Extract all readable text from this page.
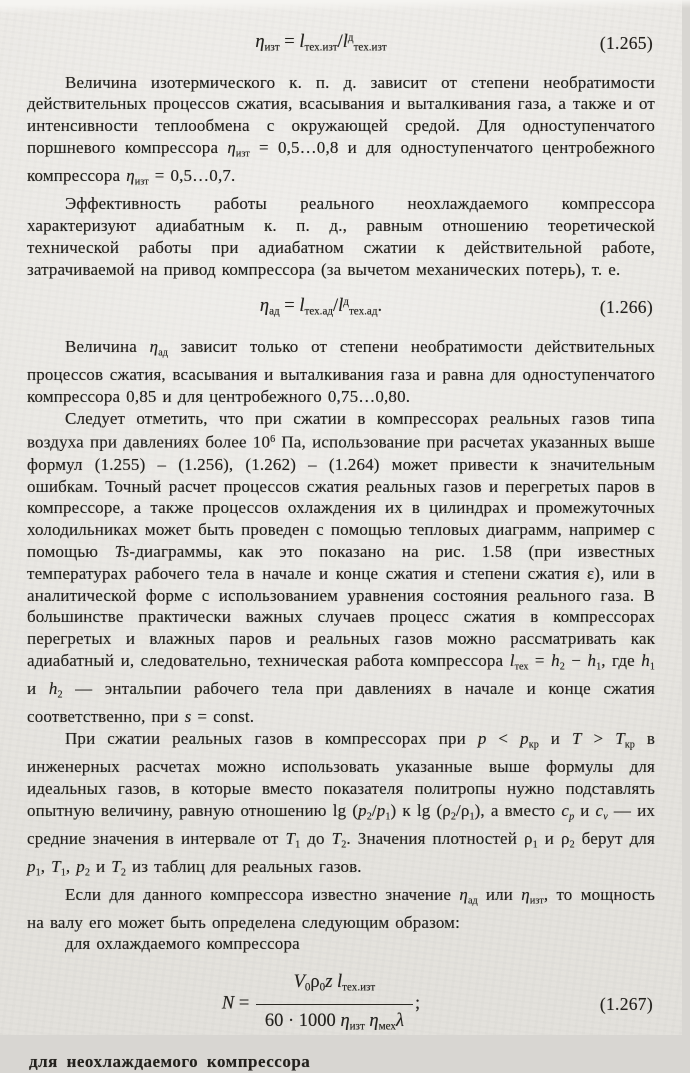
$\eta изт = lтех.изт/l^дтех.изт$	(1.265)

Величина изотермического к. п. д. зависит от степени необратимости действительных процессов сжатия, всасывания и выталкивания газа, а также и от интенсивности теплообмена с окружающей средой. Для одноступенчатого поршневого компрессора ηизт = 0,5…0,8 и для одноступенчатого центробежного компрессора ηизт = 0,5…0,7.

Эффективность работы реального неохлаждаемого компрессора характеризуют адиабатным к. п. д., равным отношению теоретической технической работы при адиабатном сжатии к действительной работе, затрачиваемой на привод компрессора (за вычетом механических потерь), т. е.

$\eta ад = lтех.ад/l^дтех.ад$.	(1.266)

Величина ηад зависит только от степени необратимости действительных процессов сжатия, всасывания и выталкивания газа и равна для одноступенчатого компрессора 0,85 и для центробежного 0,75…0,80.

Следует отметить, что при сжатии в компрессорах реальных газов типа воздуха при давлениях более $10^6$ Па, использование при расчетах указанных выше формул (1.255) – (1.256), (1.262) – (1.264) может привести к значительным ошибкам. Точный расчет процессов сжатия реальных газов и перегретых паров в компрессоре, а также процессов охлаждения их в цилиндрах и промежуточных холодильниках может быть проведен с помощью тепловых диаграмм, например с помощью Ts-диаграммы, как это показано на рис. 1.58 (при известных температурах рабочего тела в начале и конце сжатия и степени сжатия ε), или в аналитической форме с использованием уравнения состояния реального газа. В большинстве практически важных случаев процесс сжатия в компрессорах перегретых и влажных паров и реальных газов можно рассматривать как адиабатный и, следовательно, техническая работа компрессора lтех = h2 − h1, где h1 и h2 — энтальпии рабочего тела при давлениях в начале и конце сжатия соответственно, при s = const.

При сжатии реальных газов в компрессорах при p < pкр и T > Tкр в инженерных расчетах можно использовать указанные выше формулы для идеальных газов, в которые вместо показателя политропы нужно подставлять опытную величину, равную отношению lg (p2/p1) к lg (ρ2/ρ1), а вместо cp и cv — их средние значения в интервале от T1 до T2. Значения плотностей ρ1 и ρ2 берут для p1, T1, p2 и T2 из таблиц для реальных газов.

Если для данного компрессора известно значение ηад или ηизт, то мощность на валу его может быть определена следующим образом:

для охлаждаемого компрессора

$N = \frac{\text{V0ρ0z lтех.изт}}{\text{60 · 1000 ηизт ηмехλ}}$ ;	(1.267)

для неохлаждаемого компрессора
